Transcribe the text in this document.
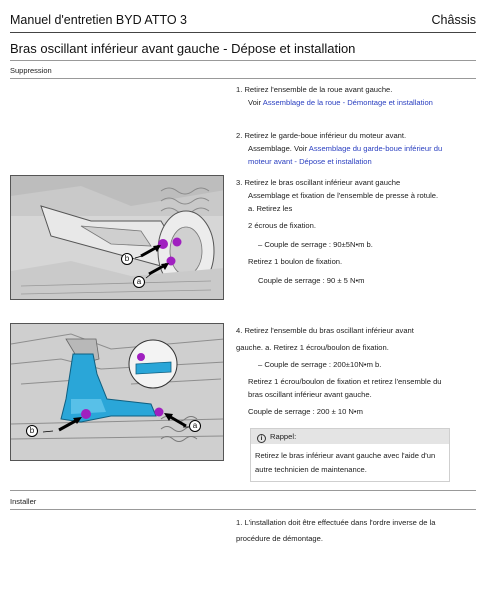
Manuel d'entretien BYD ATTO 3	Châssis
Bras oscillant inférieur avant gauche - Dépose et installation
Suppression
1. Retirez l'ensemble de la roue avant gauche.
Voir Assemblage de la roue - Démontage et installation
2. Retirez le garde-boue inférieur du moteur avant.
Assemblage. Voir Assemblage du garde-boue inférieur du moteur avant - Dépose et installation
b
a
3. Retirez le bras oscillant inférieur avant gauche
Assemblage et fixation de l'ensemble de presse à rotule. a. Retirez les
2 écrous de fixation.
– Couple de serrage : 90±5N•m b.
Retirez 1 boulon de fixation.
Couple de serrage : 90 ± 5 N•m
b
a
4. Retirez l'ensemble du bras oscillant inférieur avant
gauche. a. Retirez 1 écrou/boulon de fixation.
– Couple de serrage : 200±10N•m b.
Retirez 1 écrou/boulon de fixation et retirez l'ensemble du bras oscillant inférieur avant gauche.
Couple de serrage : 200 ± 10 N•m
i Rappel:
Retirez le bras inférieur avant gauche avec l'aide d'un autre technicien de maintenance.
Installer
1. L'installation doit être effectuée dans l'ordre inverse de la procédure de démontage.
